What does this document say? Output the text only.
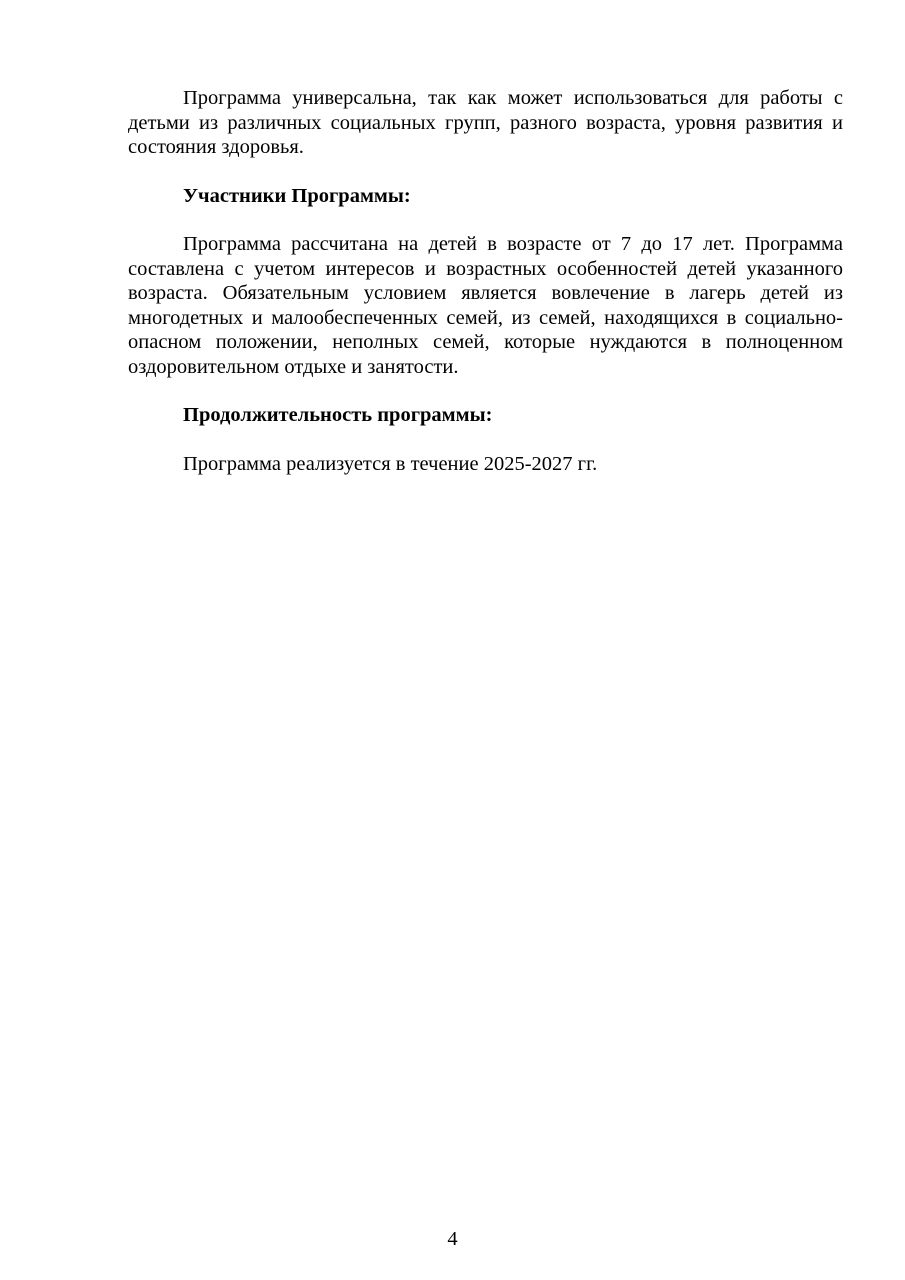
Программа универсальна, так как может использоваться для работы с детьми из различных социальных групп, разного возраста, уровня развития и состояния здоровья.

Участники Программы:

Программа рассчитана на детей в возрасте от 7 до 17 лет. Программа составлена с учетом интересов и возрастных особенностей детей указанного возраста. Обязательным условием является вовлечение в лагерь детей из многодетных и малообеспеченных семей, из семей, находящихся в социально-опасном положении, неполных семей, которые нуждаются в полноценном оздоровительном отдыхе и занятости.

Продолжительность программы:

Программа реализуется в течение 2025-2027 гг.

4
